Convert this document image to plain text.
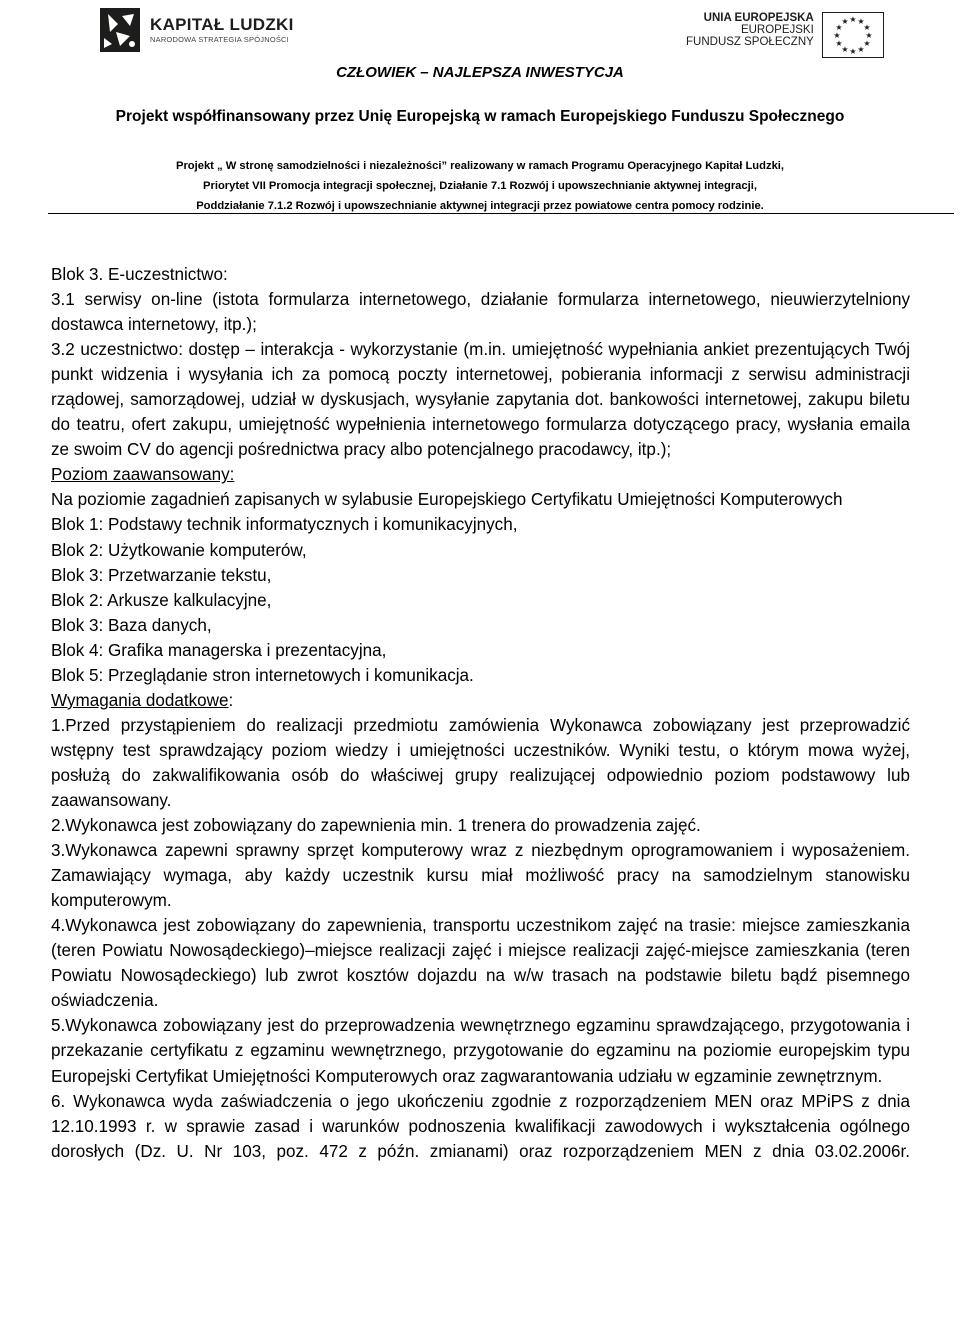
KAPITAŁ LUDZKI
NARODOWA STRATEGIA SPÓJNOŚCI
UNIA EUROPEJSKA
EUROPEJSKI
FUNDUSZ SPOŁECZNY
★ ★
★
★
★
★
★
★
★
★
★
★
CZŁOWIEK – NAJLEPSZA INWESTYCJA
Projekt współfinansowany przez Unię Europejską w ramach Europejskiego Funduszu Społecznego
Projekt „ W stronę samodzielności i niezależności” realizowany w ramach Programu Operacyjnego Kapitał Ludzki,
Priorytet VII Promocja integracji społecznej, Działanie 7.1 Rozwój i upowszechnianie aktywnej integracji,
Poddziałanie 7.1.2 Rozwój i upowszechnianie aktywnej integracji przez powiatowe centra pomocy rodzinie.
Blok 3. E-uczestnictwo:
3.1 serwisy on-line (istota formularza internetowego, działanie formularza internetowego, nieuwierzytelniony dostawca internetowy, itp.);
3.2 uczestnictwo: dostęp – interakcja - wykorzystanie (m.in. umiejętność wypełniania ankiet prezentujących Twój punkt widzenia i wysyłania ich za pomocą poczty internetowej, pobierania informacji z serwisu administracji rządowej, samorządowej, udział w dyskusjach, wysyłanie zapytania dot. bankowości internetowej, zakupu biletu do teatru, ofert zakupu, umiejętność wypełnienia internetowego formularza dotyczącego pracy, wysłania emaila ze swoim CV do agencji pośrednictwa pracy albo potencjalnego pracodawcy, itp.);
Poziom zaawansowany:
Na poziomie zagadnień zapisanych w sylabusie Europejskiego Certyfikatu Umiejętności Komputerowych
Blok 1: Podstawy technik informatycznych i komunikacyjnych,
Blok 2: Użytkowanie komputerów,
Blok 3: Przetwarzanie tekstu,
Blok 2: Arkusze kalkulacyjne,
Blok 3: Baza danych,
Blok 4: Grafika managerska i prezentacyjna,
Blok 5: Przeglądanie stron internetowych i komunikacja.
Wymagania dodatkowe:
1.Przed przystąpieniem do realizacji przedmiotu zamówienia Wykonawca zobowiązany jest przeprowadzić wstępny test sprawdzający poziom wiedzy i umiejętności uczestników. Wyniki testu, o którym mowa wyżej, posłużą do zakwalifikowania osób do właściwej grupy realizującej odpowiednio poziom podstawowy lub zaawansowany.
2.Wykonawca jest zobowiązany do zapewnienia min. 1 trenera do prowadzenia zajęć.
3.Wykonawca zapewni sprawny sprzęt komputerowy wraz z niezbędnym oprogramowaniem i wyposażeniem. Zamawiający wymaga, aby każdy uczestnik kursu miał możliwość pracy na samodzielnym stanowisku komputerowym.
4.Wykonawca jest zobowiązany do zapewnienia, transportu uczestnikom zajęć na trasie: miejsce zamieszkania (teren Powiatu Nowosądeckiego)–miejsce realizacji zajęć i miejsce realizacji zajęć-miejsce zamieszkania (teren Powiatu Nowosądeckiego) lub zwrot kosztów dojazdu na w/w trasach na podstawie biletu bądź pisemnego oświadczenia.
5.Wykonawca zobowiązany jest do przeprowadzenia wewnętrznego egzaminu sprawdzającego, przygotowania i przekazanie certyfikatu z egzaminu wewnętrznego, przygotowanie do egzaminu na poziomie europejskim typu Europejski Certyfikat Umiejętności Komputerowych oraz zagwarantowania udziału w egzaminie zewnętrznym.
6. Wykonawca wyda zaświadczenia o jego ukończeniu zgodnie z rozporządzeniem MEN oraz MPiPS z dnia 12.10.1993 r. w sprawie zasad i warunków podnoszenia kwalifikacji zawodowych i wykształcenia ogólnego dorosłych (Dz. U. Nr 103, poz. 472 z późn. zmianami) oraz rozporządzeniem MEN z dnia 03.02.2006r.
